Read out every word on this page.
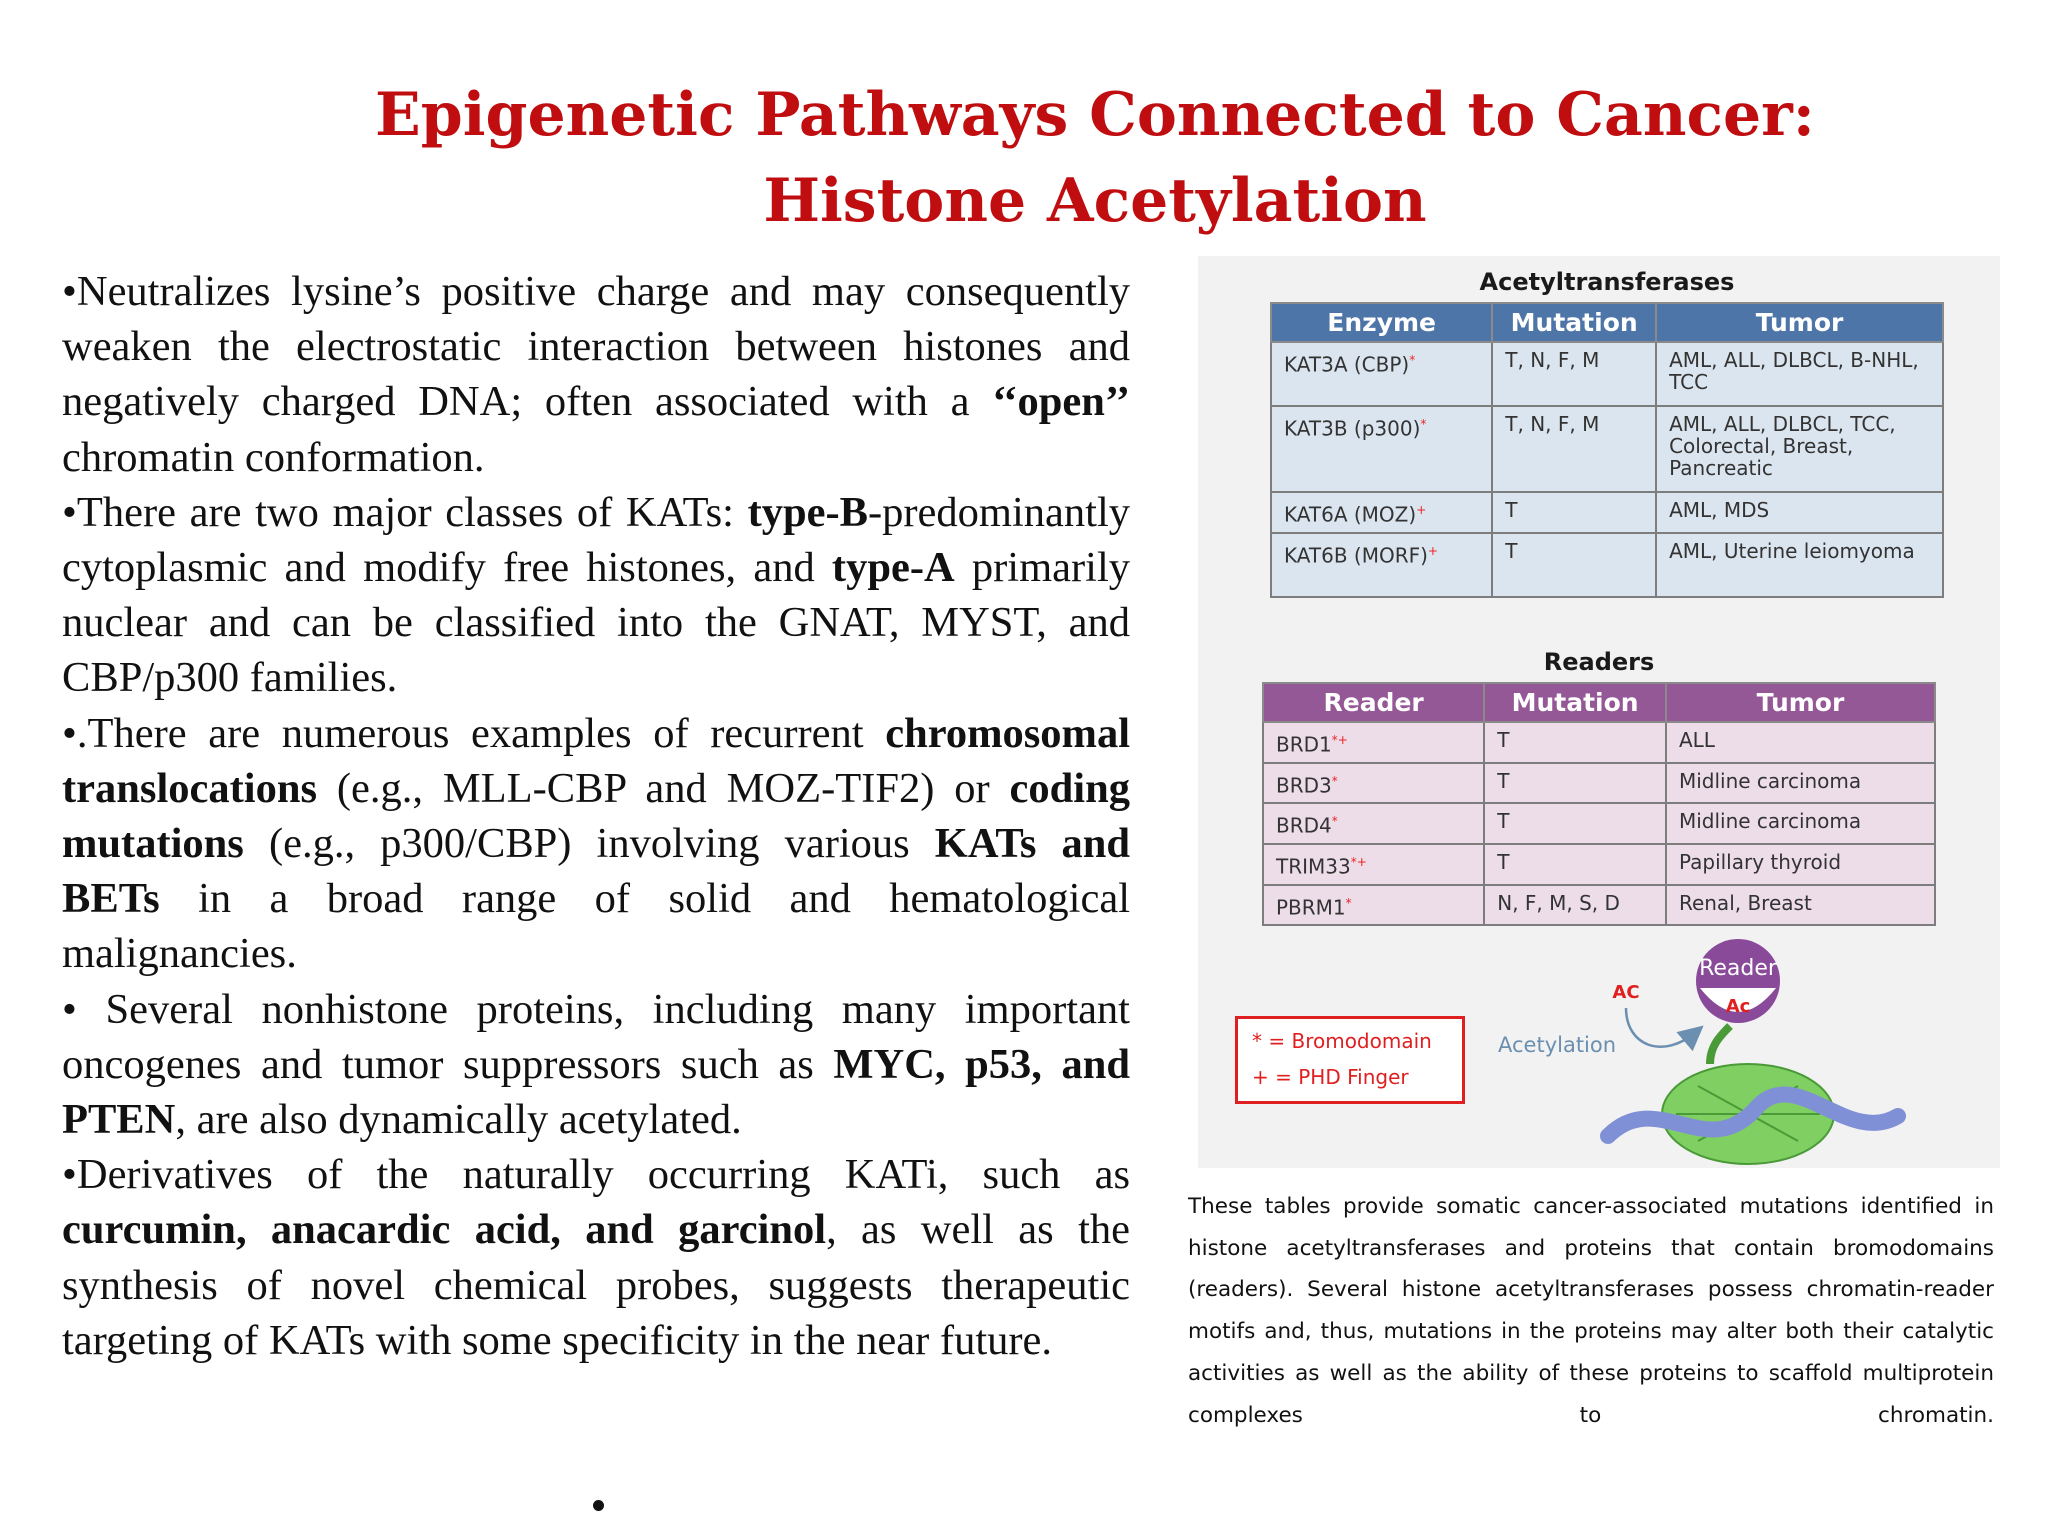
Epigenetic Pathways Connected to Cancer:
Histone Acetylation

•Neutralizes lysine’s positive charge and may consequently weaken the electrostatic interaction between histones and negatively charged DNA; often associated with a ‘‘open’’ chromatin conformation.

•There are two major classes of KATs: type-B-predominantly cytoplasmic and modify free histones, and type-A primarily nuclear and can be classified into the GNAT, MYST, and CBP/p300 families.

•.There are numerous examples of recurrent chromosomal translocations (e.g., MLL-CBP and MOZ-TIF2) or coding mutations (e.g., p300/CBP) involving various KATs and BETs in a broad range of solid and hematological malignancies.

• Several nonhistone proteins, including many important oncogenes and tumor suppressors such as MYC, p53, and PTEN, are also dynamically acetylated.

•Derivatives of the naturally occurring KATi, such as curcumin, anacardic acid, and garcinol, as well as the synthesis of novel chemical probes, suggests therapeutic targeting of KATs with some specificity in the near future.

Acetyltransferases
Enzyme	Mutation	Tumor
KAT3A (CBP)*	T, N, F, M	AML, ALL, DLBCL, B-NHL, TCC
KAT3B (p300)*	T, N, F, M	AML, ALL, DLBCL, TCC, Colorectal, Breast, Pancreatic
KAT6A (MOZ)+	T	AML, MDS
KAT6B (MORF)+	T	AML, Uterine leiomyoma
Readers
Reader	Mutation	Tumor
BRD1*+	T	ALL
BRD3*	T	Midline carcinoma
BRD4*	T	Midline carcinoma
TRIM33*+	T	Papillary thyroid
PBRM1*	N, F, M, S, D	Renal, Breast
* = Bromodomain
+ = PHD Finger
Reader
Ac
AC
Acetylation

These tables provide somatic cancer-associated mutations identified in histone acetyltransferases and proteins that contain bromodomains (readers). Several histone acetyltransferases possess chromatin-reader motifs and, thus, mutations in the proteins may alter both their catalytic activities as well as the ability of these proteins to scaffold multiprotein complexes to chromatin.
